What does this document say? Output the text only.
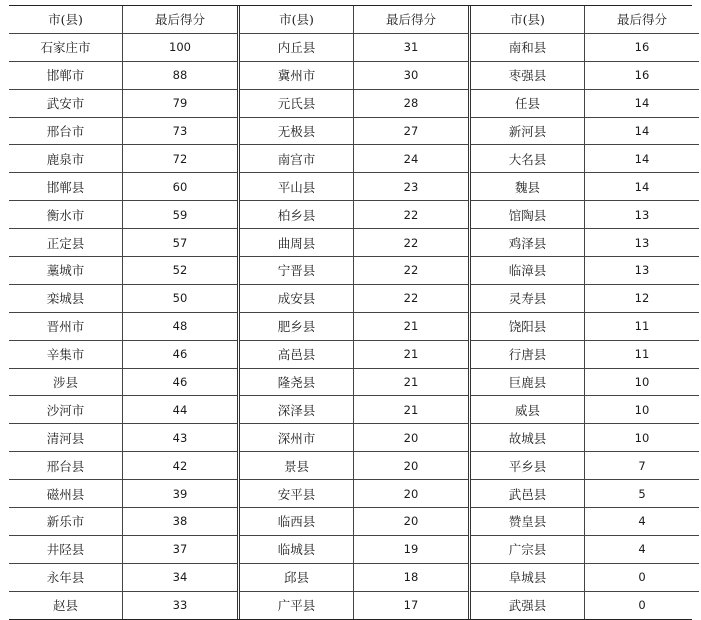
市(县)	最后得分	市(县)	最后得分	市(县)	最后得分
石家庄市	100	内丘县	31	南和县	16
邯郸市	88	冀州市	30	枣强县	16
武安市	79	元氏县	28	任县	14
邢台市	73	无极县	27	新河县	14
鹿泉市	72	南宫市	24	大名县	14
邯郸县	60	平山县	23	魏县	14
衡水市	59	柏乡县	22	馆陶县	13
正定县	57	曲周县	22	鸡泽县	13
藁城市	52	宁晋县	22	临漳县	13
栾城县	50	成安县	22	灵寿县	12
晋州市	48	肥乡县	21	饶阳县	11
辛集市	46	高邑县	21	行唐县	11
涉县	46	隆尧县	21	巨鹿县	10
沙河市	44	深泽县	21	威县	10
清河县	43	深州市	20	故城县	10
邢台县	42	景县	20	平乡县	7
磁州县	39	安平县	20	武邑县	5
新乐市	38	临西县	20	赞皇县	4
井陉县	37	临城县	19	广宗县	4
永年县	34	邱县	18	阜城县	0
赵县	33	广平县	17	武强县	0
